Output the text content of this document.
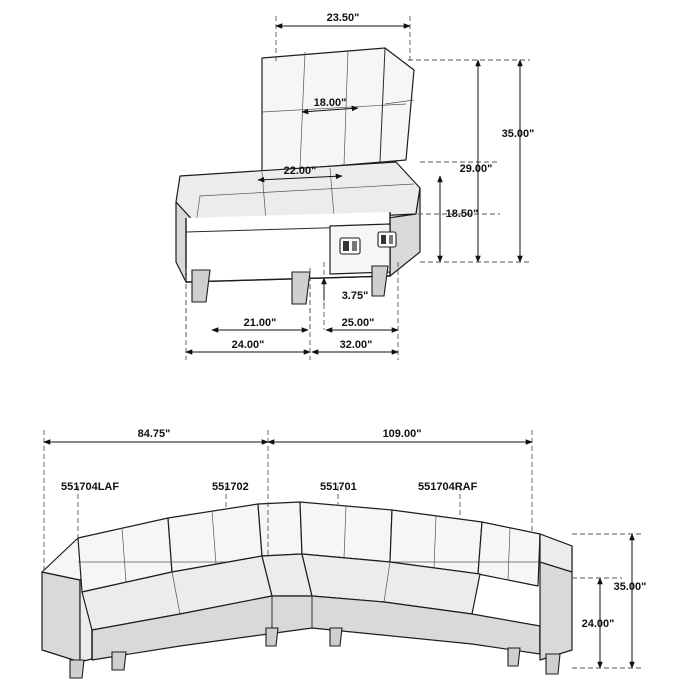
23.50"
18.00"
22.00"
35.00"
29.00"
18.50"
3.75"
21.00"	25.00"
24.00"	32.00"
84.75"	109.00"
35.00"
24.00"
551704LAF	551702	551701	551704RAF
